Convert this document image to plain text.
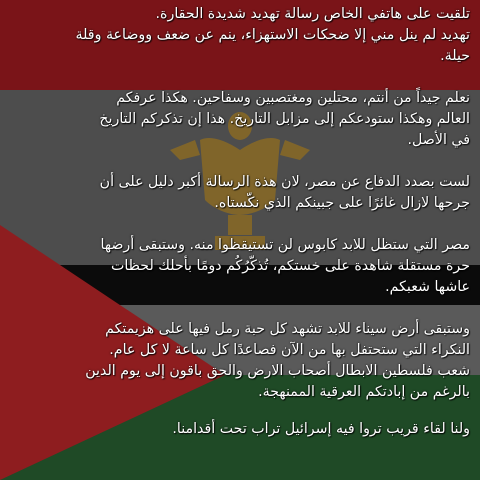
تلقيت على هاتفي الخاص رسالة تهديد شديدة الحقارة.
تهديد لم ينل مني إلا ضحكات الاستهزاء، ينم عن ضعف ووضاعة وقلة
حيلة.

نعلم جيداً من أنتم، محتلين ومغتصبين وسفاحين. هكذا عرفكم
العالم وهكذا ستودعكم إلى مزابل التاريخ. هذا إن تذكركم التاريخ
في الأصل.

لست بصدد الدفاع عن مصر، لان هذة الرسالة أكبر دليل على أن
جرحها لازال غائرًا على جبينكم الذي نكّستاه.

مصر التي ستظل للابد كابوس لن تستيقظوا منه. وستبقى أرضها
حرة مستقلة شاهدة على خستكم، تُذكّرُكُم دومًا بأحلك لحظات
عاشها شعبكم.

وستبقى أرض سيناء للابد تشهد كل حبة رمل فيها على هزيمتكم
النكراء التي ستحتفل بها من الآن فصاعدًا كل ساعة لا كل عام.
شعب فلسطين الابطال أصحاب الارض والحق باقون إلى يوم الدين
بالرغم من إبادتكم العرقية الممنهجة.

ولنا لقاء قريب تروا فيه إسرائيل تراب تحت أقدامنا.
